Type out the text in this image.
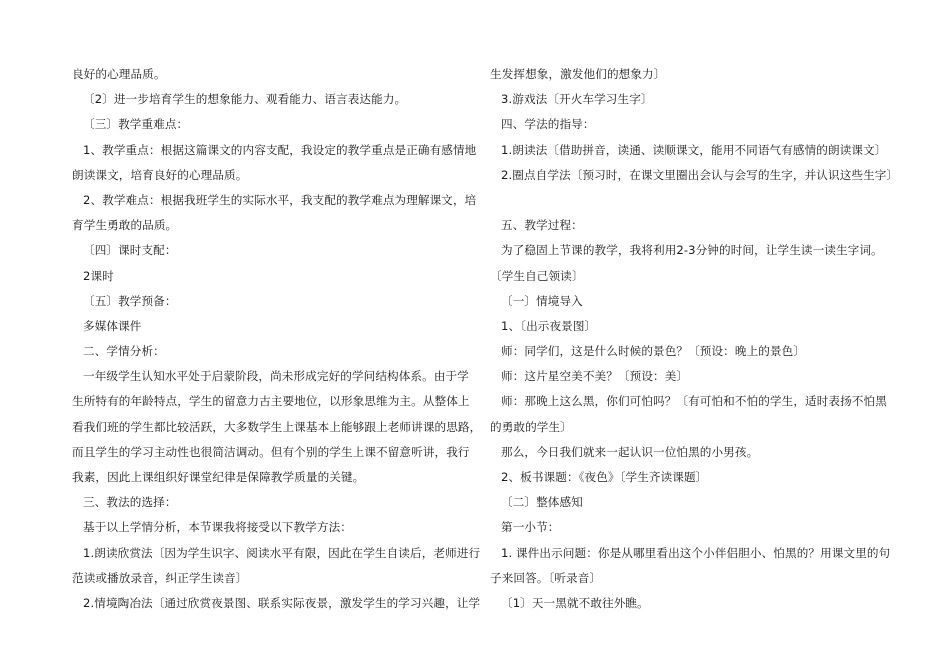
良好的心理品质。
〔2〕进一步培育学生的想象能力、观看能力、语言表达能力。
〔三〕教学重难点：
1、教学重点：根据这篇课文的内容支配，我设定的教学重点是正确有感情地
朗读课文，培育良好的心理品质。
2、教学难点：根据我班学生的实际水平，我支配的教学难点为理解课文，培
育学生勇敢的品质。
〔四〕课时支配：
2课时
〔五〕教学预备：
多媒体课件
二、学情分析：
一年级学生认知水平处于启蒙阶段，尚未形成完好的学问结构体系。由于学
生所特有的年龄特点，学生的留意力古主要地位，以形象思维为主。从整体上
看我们班的学生都比较活跃，大多数学生上课基本上能够跟上老师讲课的思路，
而且学生的学习主动性也很简洁调动。但有个别的学生上课不留意听讲，我行
我素，因此上课组织好课堂纪律是保障教学质量的关键。
三、教法的选择：
基于以上学情分析，本节课我将接受以下教学方法：
1.朗读欣赏法〔因为学生识字、阅读水平有限，因此在学生自读后，老师进行
范读或播放录音，纠正学生读音〕
2.情境陶冶法〔通过欣赏夜景图、联系实际夜景，激发学生的学习兴趣，让学
生发挥想象，激发他们的想象力〕
3.游戏法〔开火车学习生字〕
四、学法的指导：
1.朗读法〔借助拼音，读通、读顺课文，能用不同语气有感情的朗读课文〕
2.圈点自学法〔预习时，在课文里圈出会认与会写的生字，并认识这些生字〕
五、教学过程：
为了稳固上节课的教学，我将利用2-3分钟的时间，让学生读一读生字词。
〔学生自己领读〕
〔一〕情境导入
1、〔出示夜景图〕
师：同学们，这是什么时候的景色？〔预设：晚上的景色〕
师：这片星空美不美？〔预设：美〕
师：那晚上这么黑，你们可怕吗？〔有可怕和不怕的学生，适时表扬不怕黑
的勇敢的学生〕
那么，今日我们就来一起认识一位怕黑的小男孩。
2、板书课题：《夜色》〔学生齐读课题〕
〔二〕整体感知
第一小节：
1. 课件出示问题：你是从哪里看出这个小伴侣胆小、怕黑的？用课文里的句
子来回答。〔听录音〕
〔1〕天一黑就不敢往外瞧。
